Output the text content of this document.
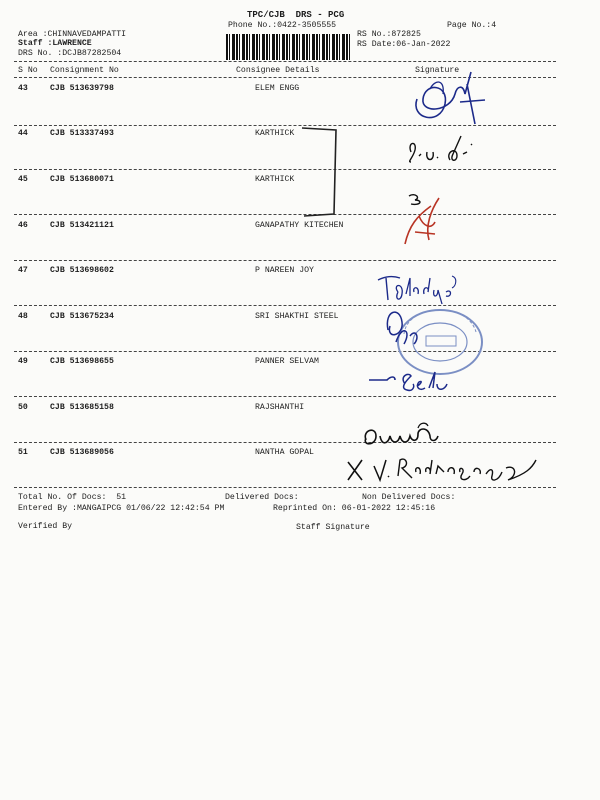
TPC/CJB  DRS - PCG
Phone No.:0422-3505555	Page No.:4
Area :CHINNAVEDAMPATTI
Staff :LAWRENCE
DRS No. :DCJB87282504
RS No.:872825
RS Date:06-Jan-2022
S No Consignment No	Consignee Details	Signature
43	CJB 513639798	ELEM ENGG
44	CJB 513337493	KARTHICK
45	CJB 513680071	KARTHICK
46	CJB 513421121	GANAPATHY KITECHEN
47	CJB 513698602	P NAREEN JOY
48	CJB 513675234	SRI SHAKTHI STEEL
49	CJB 513698655	PANNER SELVAM
50	CJB 513685158	RAJSHANTHI
51	CJB 513689056	NANTHA GOPAL
Total No. Of Docs:  51	Delivered Docs:	Non Delivered Docs:
Entered By :MANGAIPCG 01/06/22 12:42:54 PM	Reprinted On: 06-01-2022 12:45:16
Verified By	Staff Signature
